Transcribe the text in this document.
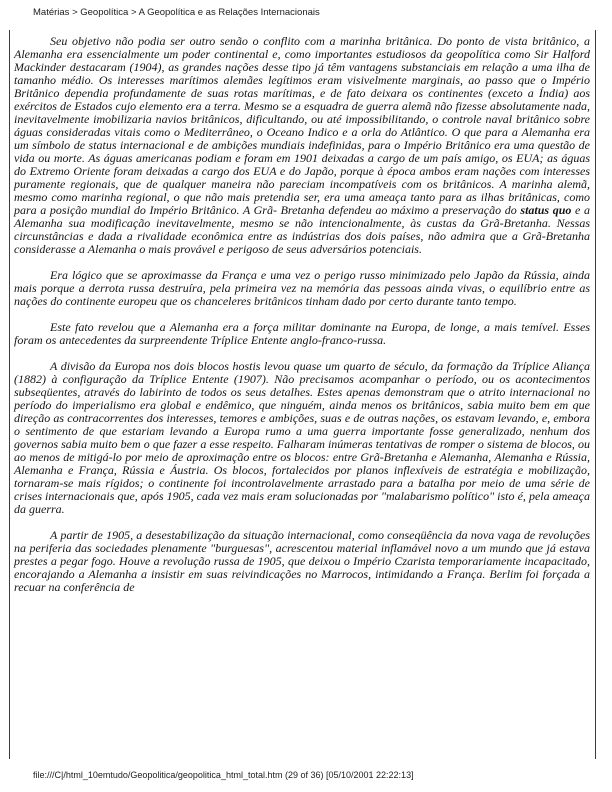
Matérias > Geopolítica > A Geopolítica e as Relações Internacionais

Seu objetivo não podia ser outro senão o conflito com a marinha britânica. Do ponto de vista britânico, a Alemanha era essencialmente um poder continental e, como importantes estudiosos da geopolítica como Sir Halford Mackinder destacaram (1904), as grandes nações desse tipo já têm vantagens substanciais em relação a uma ilha de tamanho médio. Os interesses marítimos alemães legítimos eram visivelmente marginais, ao passo que o Império Britânico dependia profundamente de suas rotas marítimas, e de fato deixara os continentes (exceto a Índia) aos exércitos de Estados cujo elemento era a terra. Mesmo se a esquadra de guerra alemã não fizesse absolutamente nada, inevitavelmente imobilizaria navios britânicos, dificultando, ou até impossibilitando, o controle naval britânico sobre águas consideradas vitais como o Mediterrâneo, o Oceano Indico e a orla do Atlântico. O que para a Alemanha era um símbolo de status internacional e de ambições mundiais indefinidas, para o Império Britânico era uma questão de vida ou morte. As águas americanas podiam e foram em 1901 deixadas a cargo de um país amigo, os EUA; as águas do Extremo Oriente foram deixadas a cargo dos EUA e do Japão, porque à época ambos eram nações com interesses puramente regionais, que de qualquer maneira não pareciam incompatíveis com os britânicos. A marinha alemã, mesmo como marinha regional, o que não mais pretendia ser, era uma ameaça tanto para as ilhas britânicas, como para a posição mundial do Império Britânico. A Grã- Bretanha defendeu ao máximo a preservação do status quo e a Alemanha sua modificação inevitavelmente, mesmo se não intencionalmente, às custas da Grã-Bretanha. Nessas circunstâncias e dada a rivalidade econômica entre as indústrias dos dois países, não admira que a Grã-Bretanha considerasse a Alemanha o mais provável e perigoso de seus adversários potenciais.

Era lógico que se aproximasse da França e uma vez o perigo russo minimizado pelo Japão da Rússia, ainda mais porque a derrota russa destruíra, pela primeira vez na memória das pessoas ainda vivas, o equilíbrio entre as nações do continente europeu que os chanceleres britânicos tinham dado por certo durante tanto tempo.

Este fato revelou que a Alemanha era a força militar dominante na Europa, de longe, a mais temível. Esses foram os antecedentes da surpreendente Tríplice Entente anglo-franco-russa.

A divisão da Europa nos dois blocos hostis levou quase um quarto de século, da formação da Tríplice Aliança (1882) à configuração da Tríplice Entente (1907). Não precisamos acompanhar o período, ou os acontecimentos subseqüentes, através do labirinto de todos os seus detalhes. Estes apenas demonstram que o atrito internacional no período do imperialismo era global e endêmico, que ninguém, ainda menos os britânicos, sabia muito bem em que direção as contracorrentes dos interesses, temores e ambições, suas e de outras nações, os estavam levando, e, embora o sentimento de que estariam levando a Europa rumo a uma guerra importante fosse generalizado, nenhum dos governos sabia muito bem o que fazer a esse respeito. Falharam inúmeras tentativas de romper o sistema de blocos, ou ao menos de mitigá-lo por meio de aproximação entre os blocos: entre Grã-Bretanha e Alemanha, Alemanha e Rússia, Alemanha e França, Rússia e Áustria. Os blocos, fortalecidos por planos inflexíveis de estratégia e mobilização, tornaram-se mais rígidos; o continente foi incontrolavelmente arrastado para a batalha por meio de uma série de crises internacionais que, após 1905, cada vez mais eram solucionadas por "malabarismo político" isto é, pela ameaça da guerra.

A partir de 1905, a desestabilização da situação internacional, como conseqüência da nova vaga de revoluções na periferia das sociedades plenamente "burguesas", acrescentou material inflamável novo a um mundo que já estava prestes a pegar fogo. Houve a revolução russa de 1905, que deixou o Império Czarista temporariamente incapacitado, encorajando a Alemanha a insistir em suas reivindicações no Marrocos, intimidando a França. Berlim foi forçada a recuar na conferência de

file:///C|/html_10emtudo/Geopolitica/geopolitica_html_total.htm (29 of 36) [05/10/2001 22:22:13]
